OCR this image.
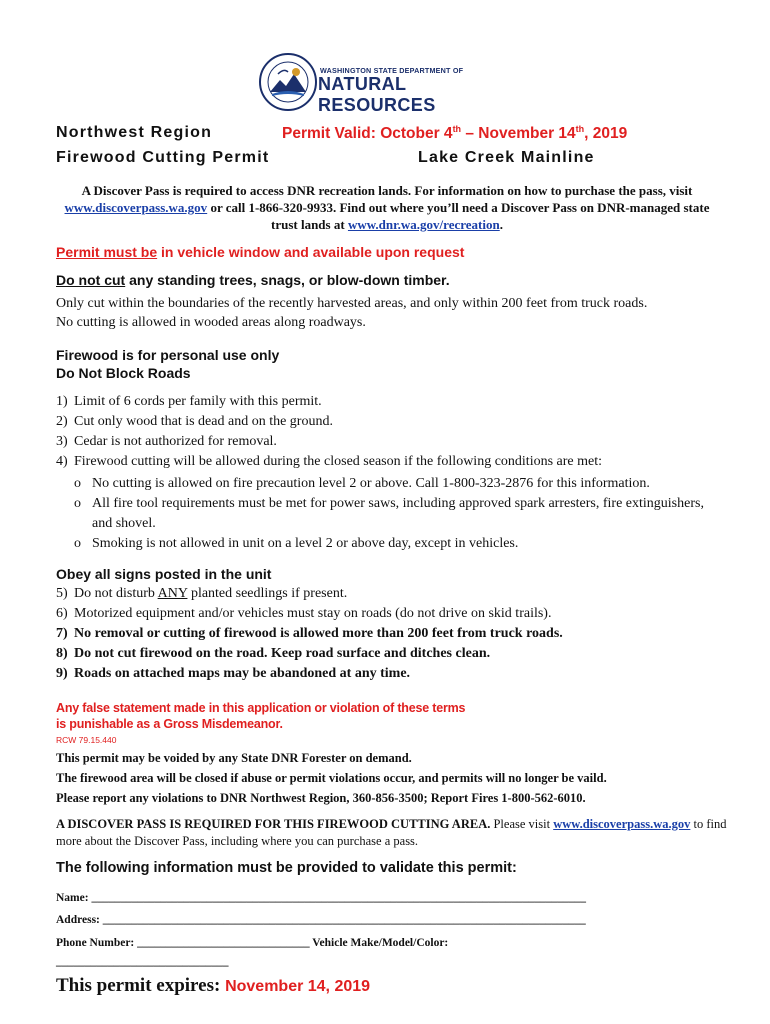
WASHINGTON STATE DEPARTMENT OF
NATURAL RESOURCES
Northwest Region
Firewood Cutting Permit
Permit Valid: October 4th – November 14th, 2019
Lake Creek Mainline
A Discover Pass is required to access DNR recreation lands. For information on how to purchase the pass, visit www.discoverpass.wa.gov or call 1-866-320-9933. Find out where you’ll need a Discover Pass on DNR-managed state trust lands at www.dnr.wa.gov/recreation.
Permit must be in vehicle window and available upon request
Do not cut any standing trees, snags, or blow-down timber.
Only cut within the boundaries of the recently harvested areas, and only within 200 feet from truck roads.
No cutting is allowed in wooded areas along roadways.
Firewood is for personal use only
Do Not Block Roads
1) Limit of 6 cords per family with this permit.
2) Cut only wood that is dead and on the ground.
3) Cedar is not authorized for removal.
4) Firewood cutting will be allowed during the closed season if the following conditions are met:
o No cutting is allowed on fire precaution level 2 or above. Call 1-800-323-2876 for this information.
o All fire tool requirements must be met for power saws, including approved spark arresters, fire extinguishers, and shovel.
o Smoking is not allowed in unit on a level 2 or above day, except in vehicles.
Obey all signs posted in the unit
5) Do not disturb ANY planted seedlings if present.
6) Motorized equipment and/or vehicles must stay on roads (do not drive on skid trails).
7) No removal or cutting of firewood is allowed more than 200 feet from truck roads.
8) Do not cut firewood on the road. Keep road surface and ditches clean.
9) Roads on attached maps may be abandoned at any time.
Any false statement made in this application or violation of these terms
is punishable as a Gross Misdemeanor.
RCW 79.15.440
This permit may be voided by any State DNR Forester on demand.
The firewood area will be closed if abuse or permit violations occur, and permits will no longer be vaild.
Please report any violations to DNR Northwest Region, 360-856-3500; Report Fires 1-800-562-6010.
A DISCOVER PASS IS REQUIRED FOR THIS FIREWOOD CUTTING AREA. Please visit www.discoverpass.wa.gov to find more about the Discover Pass, including where you can purchase a pass.
The following information must be provided to validate this permit:
Name: ______________________________________________________________________________________
Address: ____________________________________________________________________________________
Phone Number: ______________________________ Vehicle Make/Model/Color:
______________________________
This permit expires: November 14, 2019
